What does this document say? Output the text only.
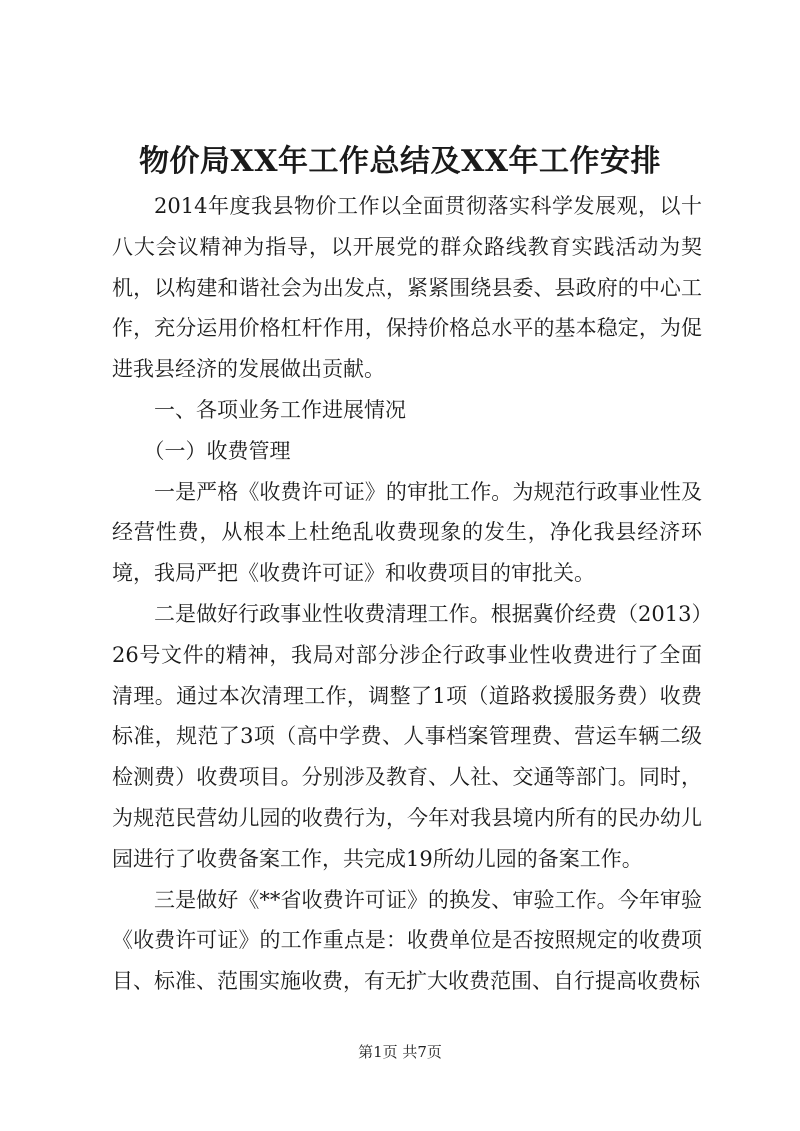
物价局XX年工作总结及XX年工作安排

2014年度我县物价工作以全面贯彻落实科学发展观，以十八大会议精神为指导，以开展党的群众路线教育实践活动为契机，以构建和谐社会为出发点，紧紧围绕县委、县政府的中心工作，充分运用价格杠杆作用，保持价格总水平的基本稳定，为促进我县经济的发展做出贡献。

一、各项业务工作进展情况

（一）收费管理

一是严格《收费许可证》的审批工作。为规范行政事业性及经营性费，从根本上杜绝乱收费现象的发生，净化我县经济环境，我局严把《收费许可证》和收费项目的审批关。

二是做好行政事业性收费清理工作。根据冀价经费（2013）26号文件的精神，我局对部分涉企行政事业性收费进行了全面清理。通过本次清理工作，调整了1项（道路救援服务费）收费标准，规范了3项（高中学费、人事档案管理费、营运车辆二级检测费）收费项目。分别涉及教育、人社、交通等部门。同时，为规范民营幼儿园的收费行为，今年对我县境内所有的民办幼儿园进行了收费备案工作，共完成19所幼儿园的备案工作。

三是做好《**省收费许可证》的换发、审验工作。今年审验《收费许可证》的工作重点是：收费单位是否按照规定的收费项目、标准、范围实施收费，有无扩大收费范围、自行提高收费标

第1页 共7页
